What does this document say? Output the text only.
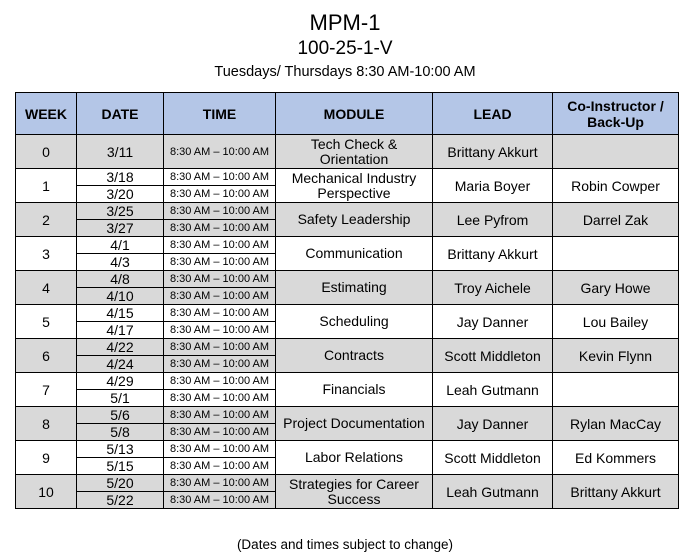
MPM-1
100-25-1-V
Tuesdays/ Thursdays 8:30 AM-10:00 AM
WEEK	DATE	TIME	MODULE	LEAD	Co-Instructor / Back-Up
0	3/11	8:30 AM – 10:00 AM	Tech Check & Orientation	Brittany Akkurt	
1	3/18	8:30 AM – 10:00 AM	Mechanical Industry Perspective	Maria Boyer	Robin Cowper
	3/20	8:30 AM – 10:00 AM			
2	3/25	8:30 AM – 10:00 AM	Safety Leadership	Lee Pyfrom	Darrel Zak
	3/27	8:30 AM – 10:00 AM			
3	4/1	8:30 AM – 10:00 AM	Communication	Brittany Akkurt	
	4/3	8:30 AM – 10:00 AM			
4	4/8	8:30 AM – 10:00 AM	Estimating	Troy Aichele	Gary Howe
	4/10	8:30 AM – 10:00 AM			
5	4/15	8:30 AM – 10:00 AM	Scheduling	Jay Danner	Lou Bailey
	4/17	8:30 AM – 10:00 AM			
6	4/22	8:30 AM – 10:00 AM	Contracts	Scott Middleton	Kevin Flynn
	4/24	8:30 AM – 10:00 AM			
7	4/29	8:30 AM – 10:00 AM	Financials	Leah Gutmann	
	5/1	8:30 AM – 10:00 AM			
8	5/6	8:30 AM – 10:00 AM	Project Documentation	Jay Danner	Rylan MacCay
	5/8	8:30 AM – 10:00 AM			
9	5/13	8:30 AM – 10:00 AM	Labor Relations	Scott Middleton	Ed Kommers
	5/15	8:30 AM – 10:00 AM			
10	5/20	8:30 AM – 10:00 AM	Strategies for Career Success	Leah Gutmann	Brittany Akkurt
	5/22	8:30 AM – 10:00 AM			
(Dates and times subject to change)
